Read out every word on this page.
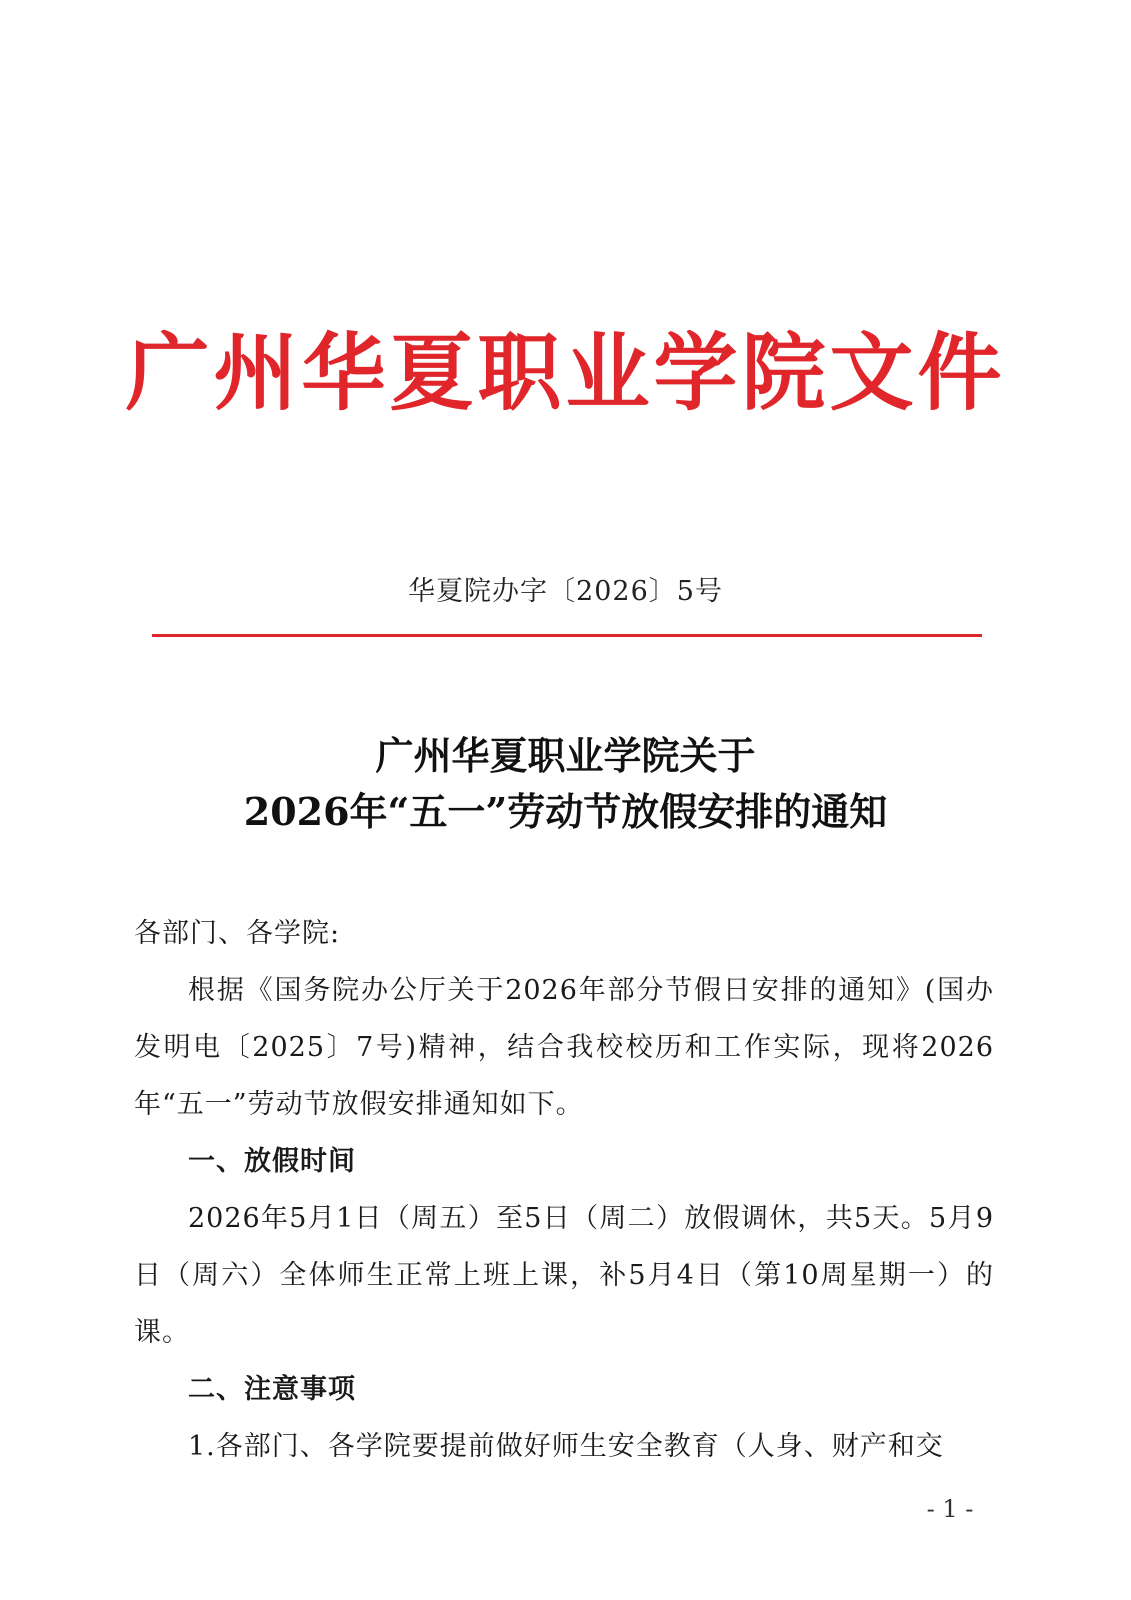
广州华夏职业学院文件
华夏院办字〔2026〕5号
广州华夏职业学院关于
2026年“五一”劳动节放假安排的通知

各部门、各学院:

根据《国务院办公厅关于2026年部分节假日安排的通知》(国办发明电〔2025〕7号)精神，结合我校校历和工作实际，现将2026年“五一”劳动节放假安排通知如下。

一、放假时间

2026年5月1日（周五）至5日（周二）放假调休，共5天。5月9日（周六）全体师生正常上班上课，补5月4日（第10周星期一）的课。

二、注意事项

1.各部门、各学院要提前做好师生安全教育（人身、财产和交

- 1 -
